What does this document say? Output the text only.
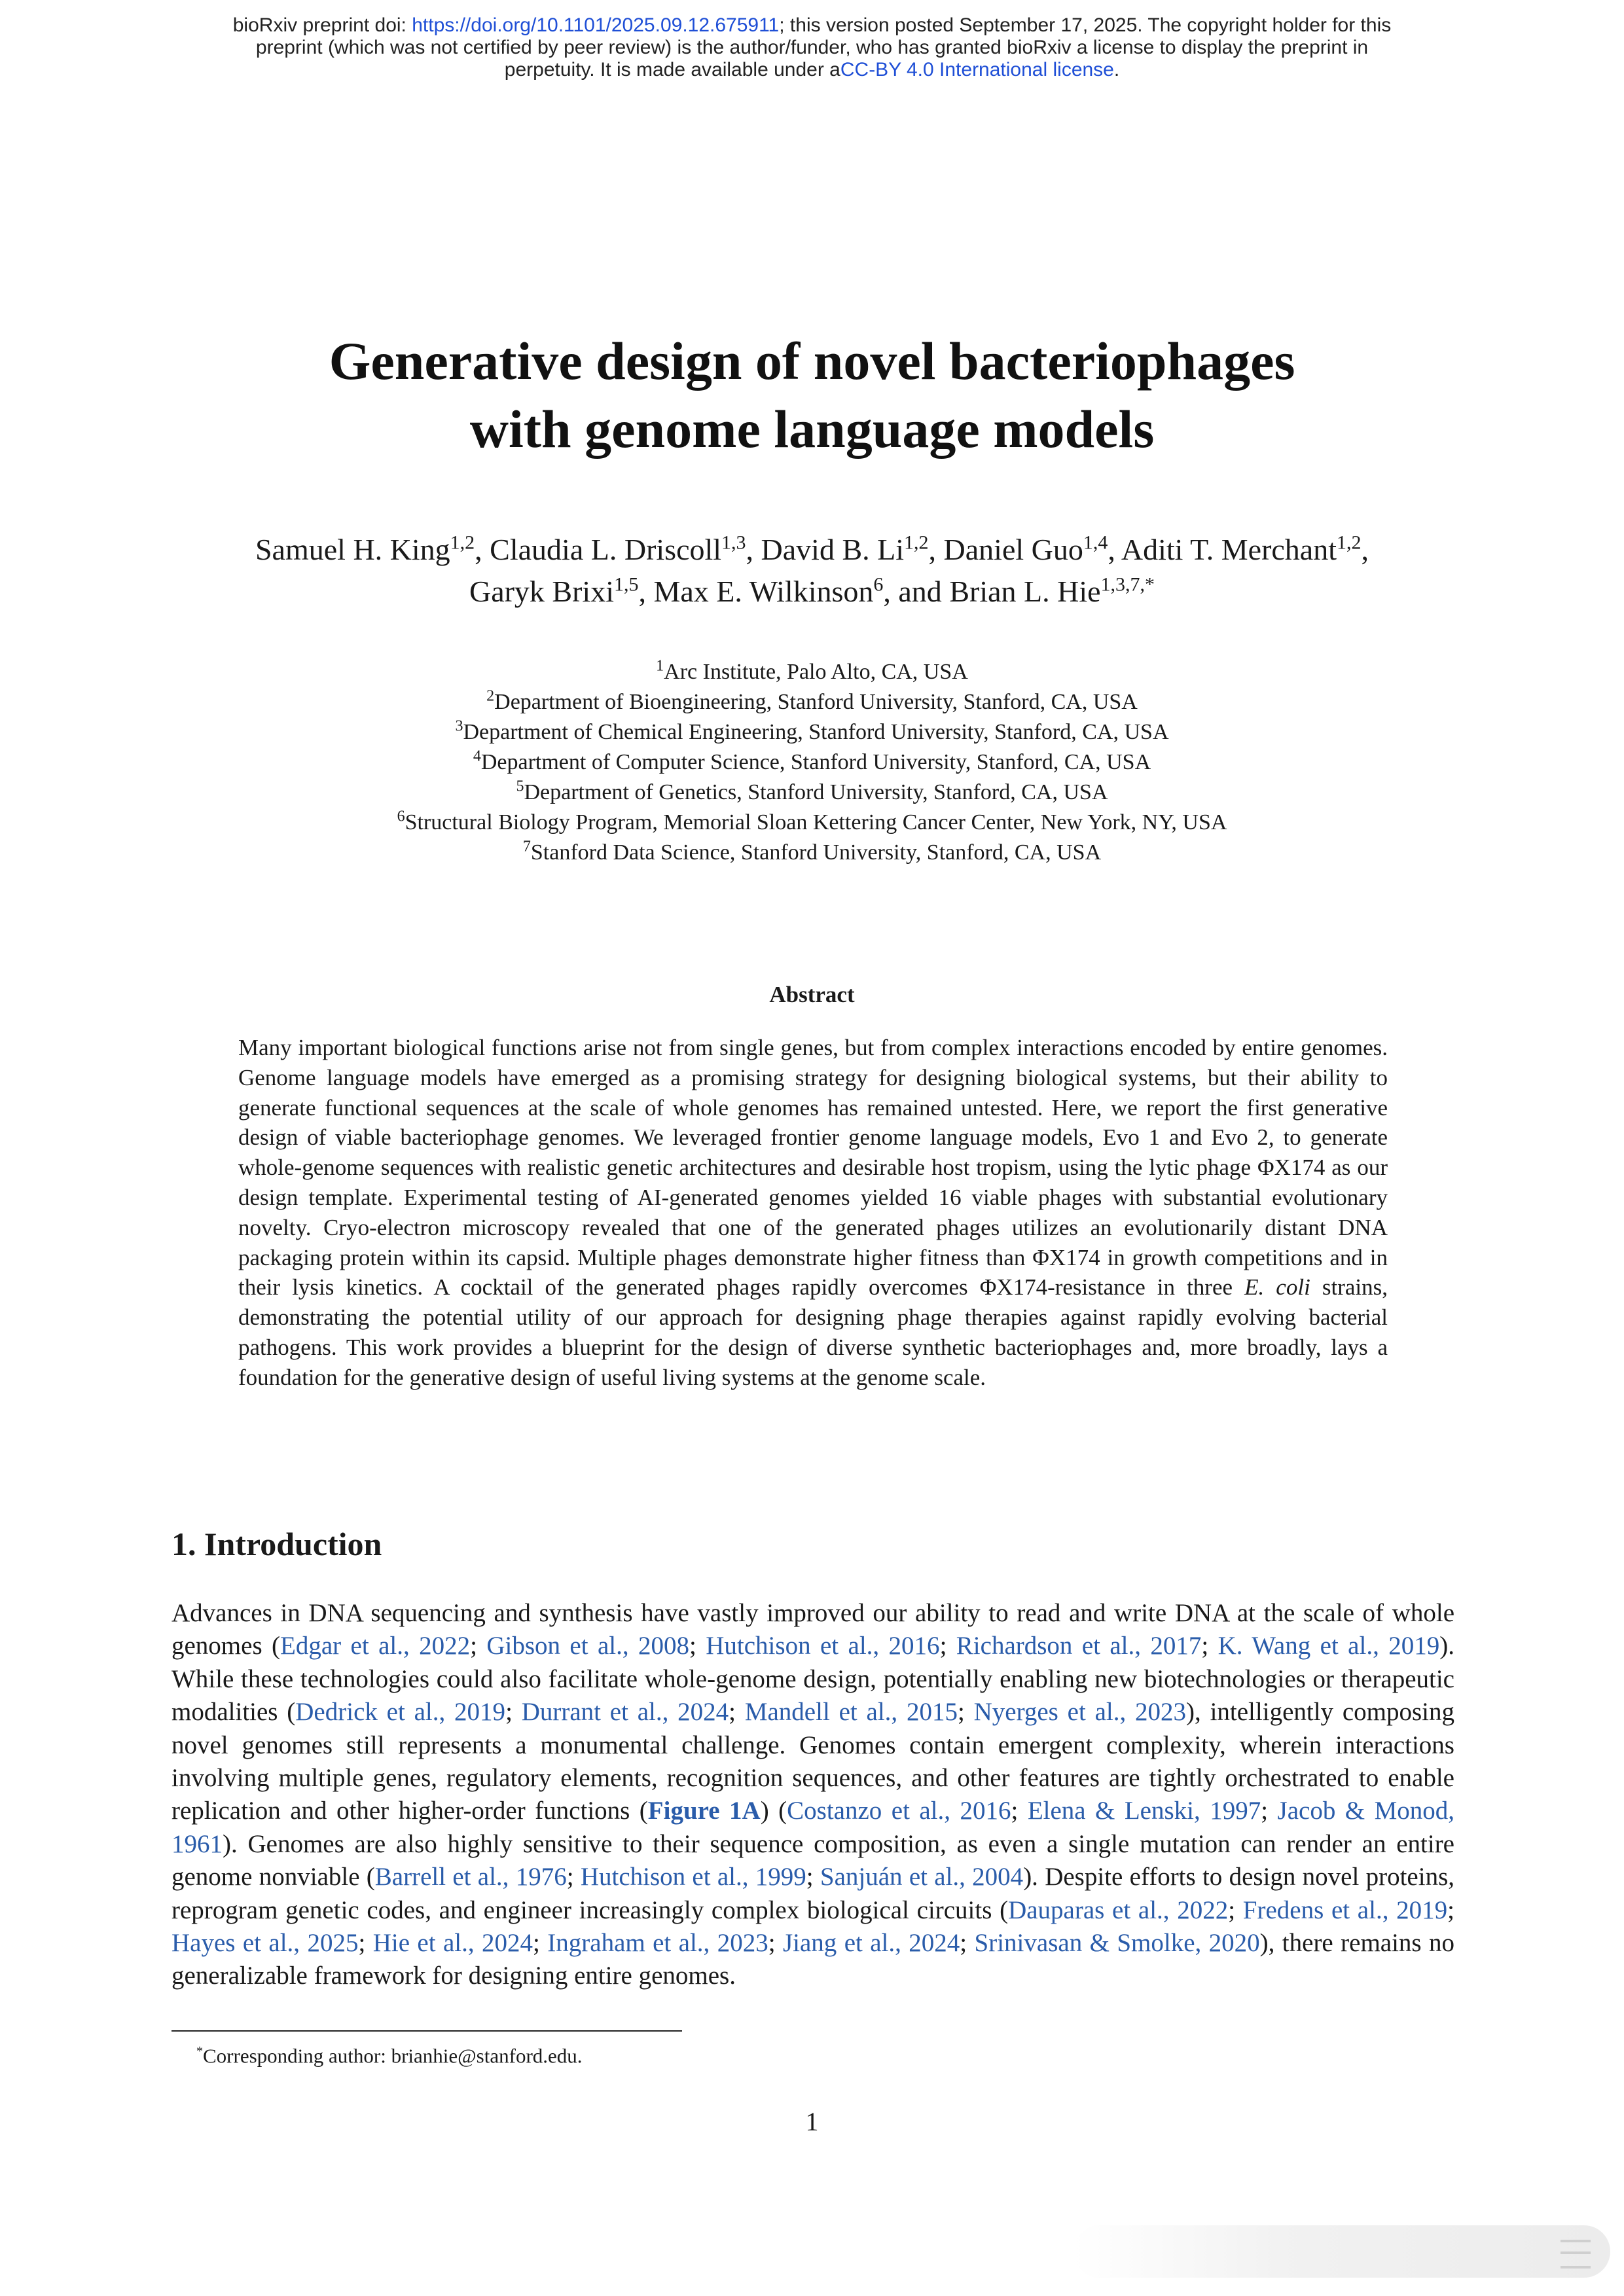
bioRxiv preprint doi: https://doi.org/10.1101/2025.09.12.675911; this version posted September 17, 2025. The copyright holder for this
preprint (which was not certified by peer review) is the author/funder, who has granted bioRxiv a license to display the preprint in
perpetuity. It is made available under aCC-BY 4.0 International license.
Generative design of novel bacteriophages
with genome language models
Samuel H. King$^{1,2}$, Claudia L. Driscoll$^{1,3}$, David B. Li$^{1,2}$, Daniel Guo$^{1,4}$, Aditi T. Merchant$^{1,2}$,
Garyk Brixi$^{1,5}$, Max E. Wilkinson$^6$, and Brian L. Hie$^{1,3,7,*}$
$^1$Arc Institute, Palo Alto, CA, USA
$^2$Department of Bioengineering, Stanford University, Stanford, CA, USA
$^3$Department of Chemical Engineering, Stanford University, Stanford, CA, USA
$^4$Department of Computer Science, Stanford University, Stanford, CA, USA
$^5$Department of Genetics, Stanford University, Stanford, CA, USA
$^6$Structural Biology Program, Memorial Sloan Kettering Cancer Center, New York, NY, USA
$^7$Stanford Data Science, Stanford University, Stanford, CA, USA
Abstract
Many important biological functions arise not from single genes, but from complex interactions encoded by entire genomes. Genome language models have emerged as a promising strategy for designing biological systems, but their ability to generate functional sequences at the scale of whole genomes has remained untested. Here, we report the first generative design of viable bacteriophage genomes. We leveraged frontier genome language models, Evo 1 and Evo 2, to generate whole-genome sequences with realistic genetic architectures and desirable host tropism, using the lytic phage ΦX174 as our design template. Experimental testing of AI-generated genomes yielded 16 viable phages with substantial evolutionary novelty. Cryo-electron microscopy revealed that one of the generated phages utilizes an evolutionarily distant DNA packaging protein within its capsid. Multiple phages demonstrate higher fitness than ΦX174 in growth competitions and in their lysis kinetics. A cocktail of the generated phages rapidly overcomes ΦX174-resistance in three E. coli strains, demonstrating the potential utility of our approach for designing phage therapies against rapidly evolving bacterial pathogens. This work provides a blueprint for the design of diverse synthetic bacteriophages and, more broadly, lays a foundation for the generative design of useful living systems at the genome scale.
1. Introduction
Advances in DNA sequencing and synthesis have vastly improved our ability to read and write DNA at the scale of whole genomes (Edgar et al., 2022; Gibson et al., 2008; Hutchison et al., 2016; Richardson et al., 2017; K. Wang et al., 2019). While these technologies could also facilitate whole-genome design, potentially enabling new biotechnologies or therapeutic modalities (Dedrick et al., 2019; Durrant et al., 2024; Mandell et al., 2015; Nyerges et al., 2023), intelligently composing novel genomes still represents a monumental challenge. Genomes contain emergent complexity, wherein interactions involving multiple genes, regulatory elements, recognition sequences, and other features are tightly orchestrated to enable replication and other higher-order functions (Figure 1A) (Costanzo et al., 2016; Elena & Lenski, 1997; Jacob & Monod, 1961). Genomes are also highly sensitive to their sequence composition, as even a single mutation can render an entire genome nonviable (Barrell et al., 1976; Hutchison et al., 1999; Sanjuán et al., 2004). Despite efforts to design novel proteins, reprogram genetic codes, and engineer increasingly complex biological circuits (Dauparas et al., 2022; Fredens et al., 2019; Hayes et al., 2025; Hie et al., 2024; Ingraham et al., 2023; Jiang et al., 2024; Srinivasan & Smolke, 2020), there remains no generalizable framework for designing entire genomes.
*Corresponding author: brianhie@stanford.edu.
1
